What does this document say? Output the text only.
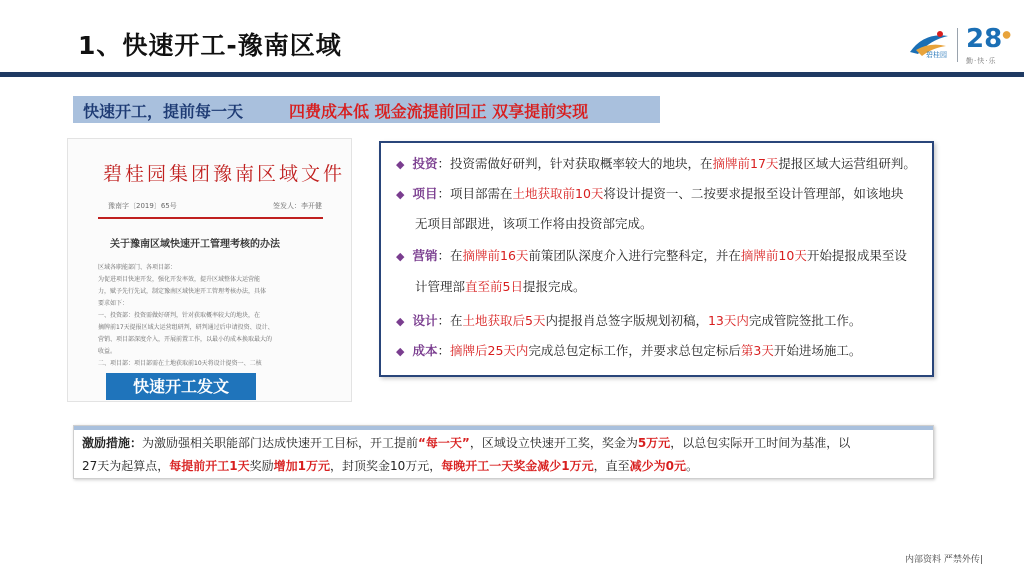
1、快速开工-豫南区域	碧桂园
28●
勤·快·乐
快速开工，提前每一天	四费成本低 现金流提前回正 双享提前实现
碧桂园集团豫南区域文件
豫南字〔2019〕65号	签发人：李开健
关于豫南区域快速开工管理考核的办法
区域各职能部门、各项目部：
为促进项目快速开发，强化开发率效，提升区域整体大运营能
力，赋予先行先试，制定豫南区域快速开工管理考核办法，具体
要求如下：
一、投资部：投资需做好研判，针对获取概率较大的地块，在
摘牌前17天提报区域大运营组研判，研判通过后申请投资、设计、
营销、项目部深度介入，开展前置工作，以最小的成本换取最大的
收益。
二、项目部：项目部需在土地获取前10天将设计提资一、二核
快速开工发文
◆ 投资：投资需做好研判，针对获取概率较大的地块，在摘牌前17天提报区域大运营组研判。
◆ 项目：项目部需在土地获取前10天将设计提资一、二按要求提报至设计管理部，如该地块
无项目部跟进，该项工作将由投资部完成。
◆ 营销：在摘牌前16天前策团队深度介入进行完整科定，并在摘牌前10天开始提报成果至设
计管理部直至前5日提报完成。
◆ 设计：在土地获取后5天内提报肖总签字版规划初稿，13天内完成管院签批工作。
◆ 成本：摘牌后25天内完成总包定标工作，并要求总包定标后第3天开始进场施工。
激励措施：为激励强相关职能部门达成快速开工目标，开工提前“每一天”，区域设立快速开工奖，奖金为5万元，以总包实际开工时间为基准，以
27天为起算点，每提前开工1天奖励增加1万元，封顶奖金10万元，每晚开工一天奖金减少1万元，直至减少为0元。
内部资料 严禁外传|
